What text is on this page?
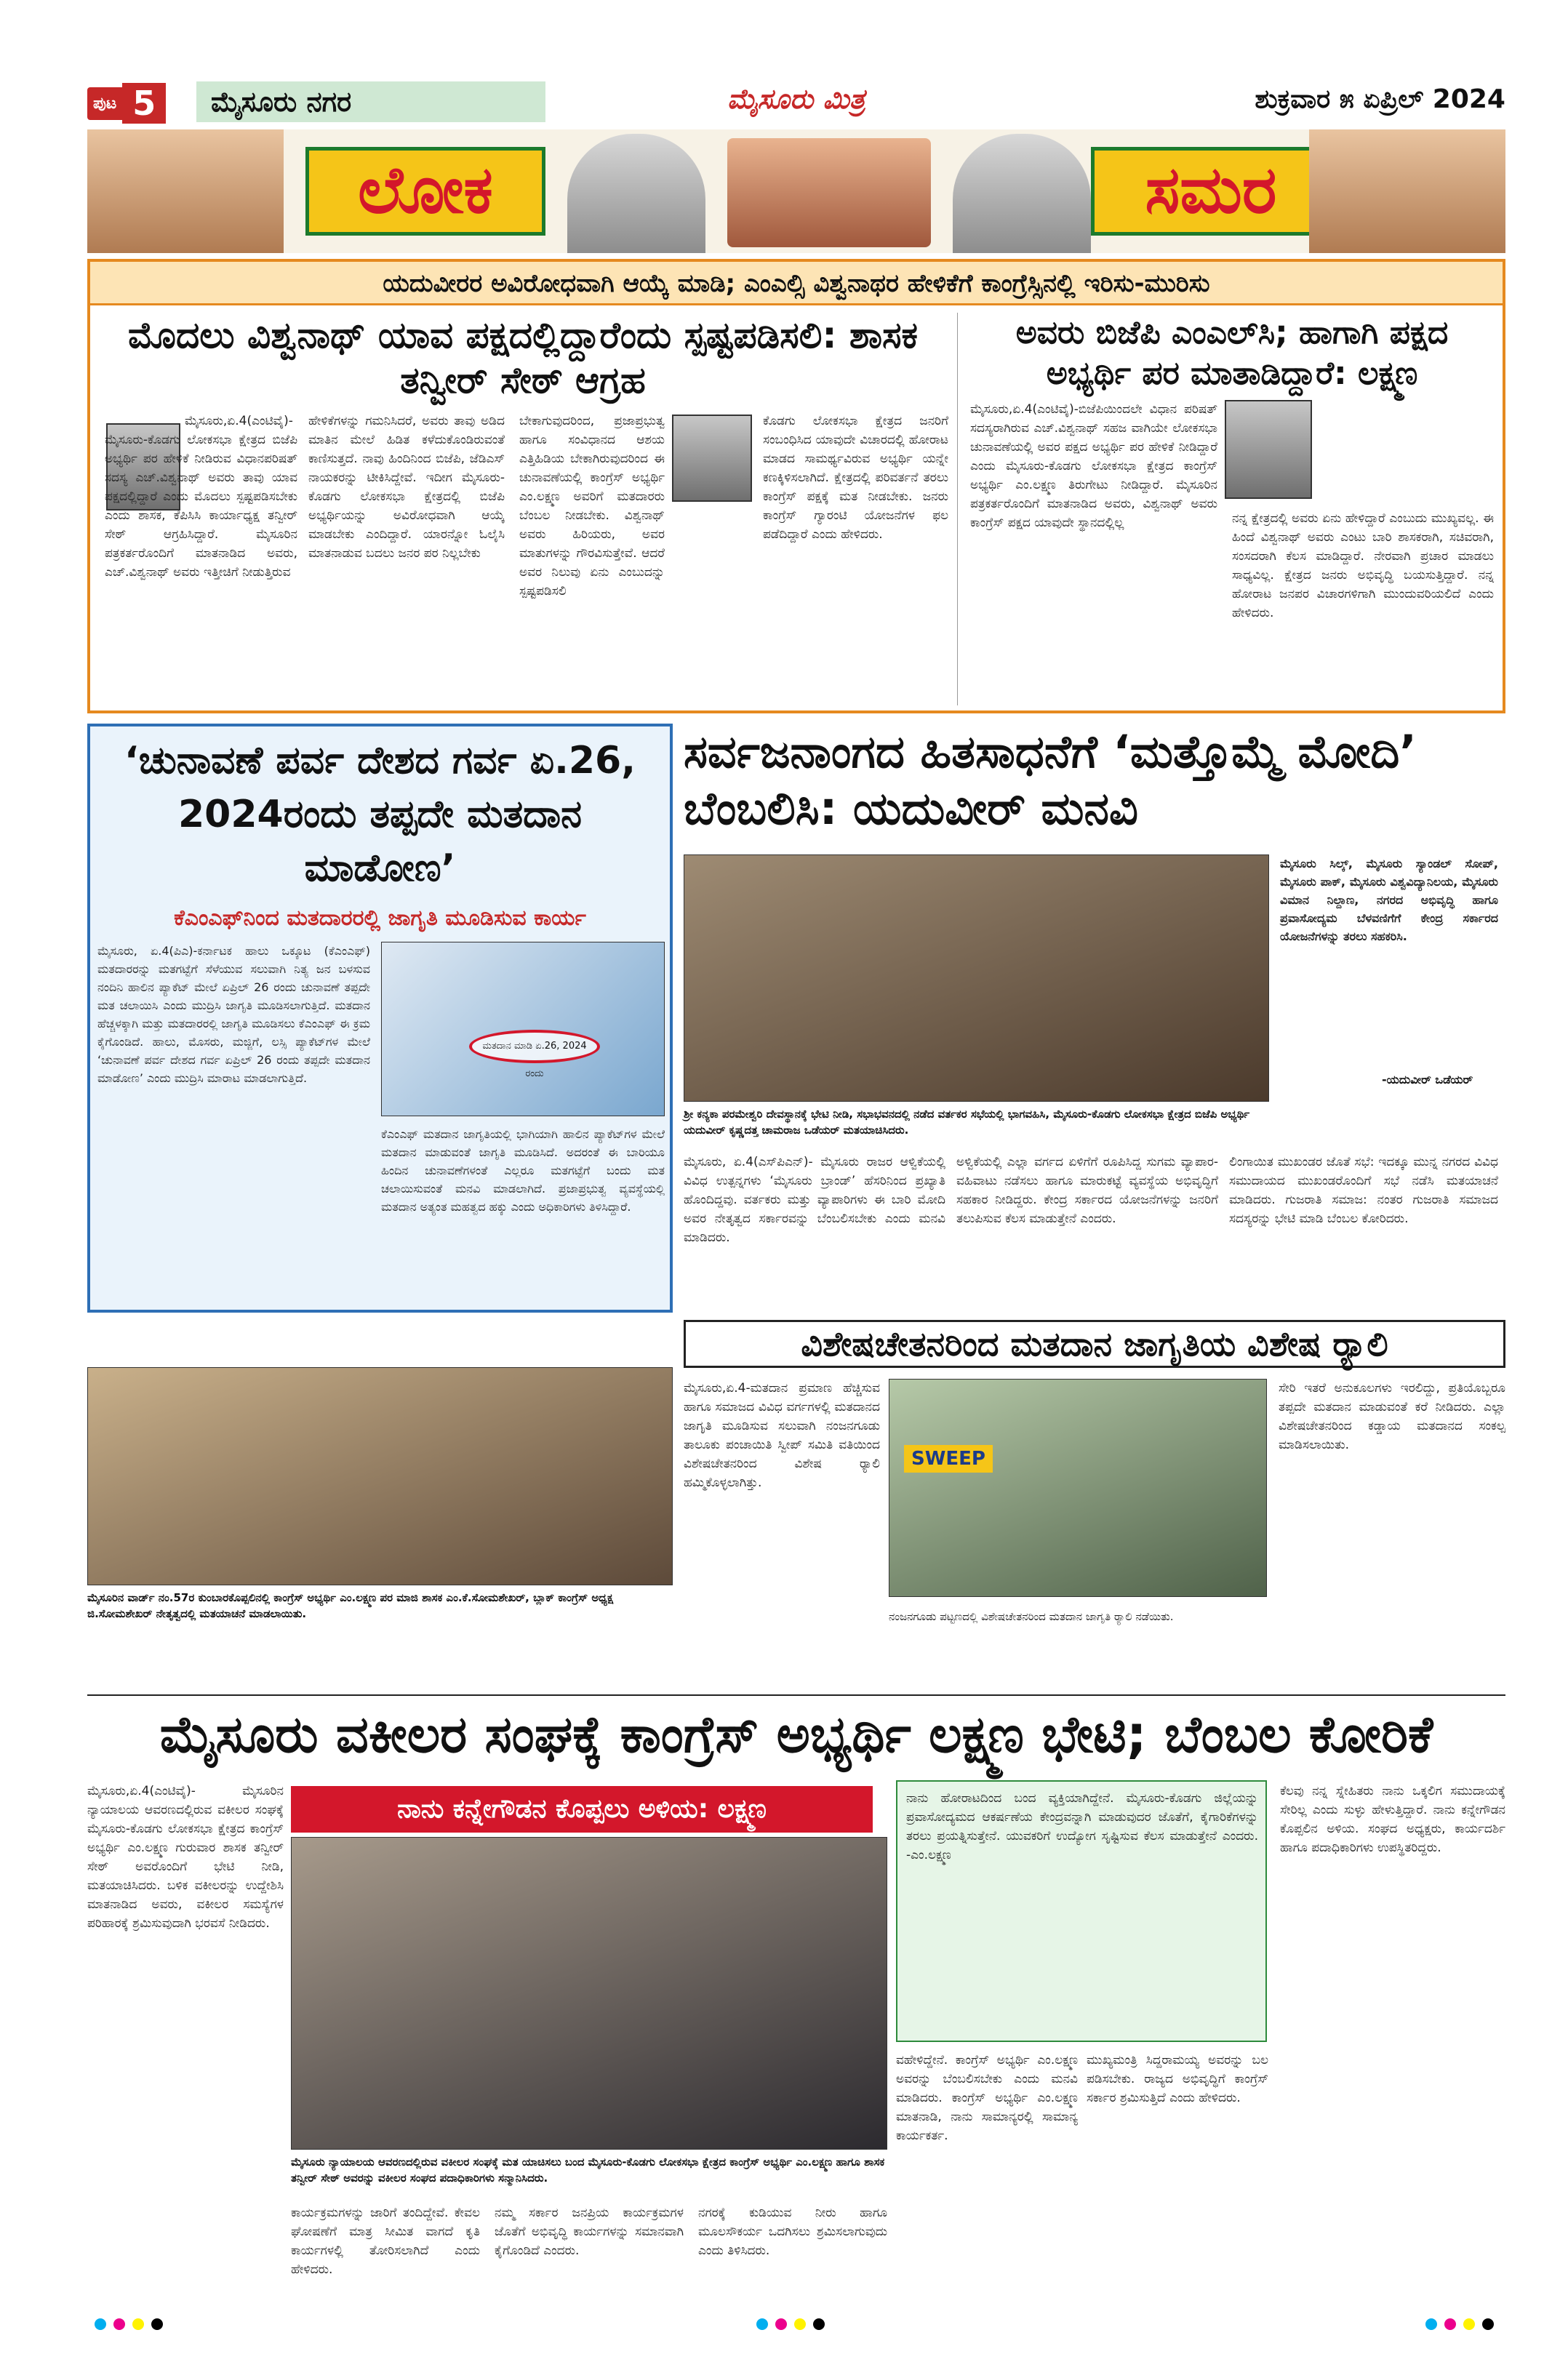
ಪುಟ 5	ಮೈಸೂರು ನಗರ	ಮೈಸೂರು ಮಿತ್ರ	ಶುಕ್ರವಾರ ೫ ಏಪ್ರಿಲ್ 2024
ಲೋಕ	ಸಮರ
ಯದುವೀರರ ಅವಿರೋಧವಾಗಿ ಆಯ್ಕೆ ಮಾಡಿ; ಎಂಎಲ್ಸಿ ವಿಶ್ವನಾಥರ ಹೇಳಿಕೆಗೆ ಕಾಂಗ್ರೆಸ್ಸಿನಲ್ಲಿ ಇರಿಸು-ಮುರಿಸು
ಮೊದಲು ವಿಶ್ವನಾಥ್ ಯಾವ ಪಕ್ಷದಲ್ಲಿದ್ದಾರೆಂದು ಸ್ಪಷ್ಟಪಡಿಸಲಿ: ಶಾಸಕ ತನ್ವೀರ್ ಸೇಠ್ ಆಗ್ರಹ
ಅವರು ಬಿಜೆಪಿ ಎಂಎಲ್‌ಸಿ; ಹಾಗಾಗಿ ಪಕ್ಷದ ಅಭ್ಯರ್ಥಿ ಪರ ಮಾತಾಡಿದ್ದಾರೆ: ಲಕ್ಷ್ಮಣ
ಮೈಸೂರು,ಏ.4(ಎಂಟಿವೈ)- ಮೈಸೂರು-ಕೊಡಗು ಲೋಕಸಭಾ ಕ್ಷೇತ್ರದ ಬಿಜೆಪಿ ಅಭ್ಯರ್ಥಿ ಪರ ಹೇಳಿಕೆ ನೀಡಿರುವ ವಿಧಾನಪರಿಷತ್ ಸದಸ್ಯ ಎಚ್.ವಿಶ್ವನಾಥ್ ಅವರು ತಾವು ಯಾವ ಪಕ್ಷದಲ್ಲಿದ್ದಾರೆ ಎಂದು ಮೊದಲು ಸ್ಪಷ್ಟಪಡಿಸಬೇಕು ಎಂದು ಶಾಸಕ, ಕೆಪಿಸಿಸಿ ಕಾರ್ಯಾಧ್ಯಕ್ಷ ತನ್ವೀರ್ ಸೇಠ್ ಆಗ್ರಹಿಸಿದ್ದಾರೆ. ಮೈಸೂರಿನ ಪತ್ರಕರ್ತರೊಂದಿಗೆ ಮಾತನಾಡಿದ ಅವರು, ಎಚ್.ವಿಶ್ವನಾಥ್ ಅವರು ಇತ್ತೀಚಿಗೆ ನೀಡುತ್ತಿರುವ
ಹೇಳಿಕೆಗಳನ್ನು ಗಮನಿಸಿದರೆ, ಅವರು ತಾವು ಅಡಿದ ಮಾತಿನ ಮೇಲೆ ಹಿಡಿತ ಕಳೆದುಕೊಂಡಿರುವಂತೆ ಕಾಣಿಸುತ್ತದೆ. ನಾವು ಹಿಂದಿನಿಂದ ಬಿಜೆಪಿ, ಜೆಡಿಎಸ್ ನಾಯಕರನ್ನು ಟೀಕಿಸಿದ್ದೇವೆ. ಇದೀಗ ಮೈಸೂರು-ಕೊಡಗು ಲೋಕಸಭಾ ಕ್ಷೇತ್ರದಲ್ಲಿ ಬಿಜೆಪಿ ಅಭ್ಯರ್ಥಿಯನ್ನು ಅವಿರೋಧವಾಗಿ ಆಯ್ಕೆ ಮಾಡಬೇಕು ಎಂದಿದ್ದಾರೆ. ಯಾರನ್ನೋ ಓಲೈಸಿ ಮಾತನಾಡುವ ಬದಲು ಜನರ ಪರ ನಿಲ್ಲಬೇಕು
ಬೇಕಾಗುವುದರಿಂದ, ಪ್ರಜಾಪ್ರಭುತ್ವ ಹಾಗೂ ಸಂವಿಧಾನದ ಆಶಯ ಎತ್ತಿಹಿಡಿಯ ಬೇಕಾಗಿರುವುದರಿಂದ ಈ ಚುನಾವಣೆಯಲ್ಲಿ ಕಾಂಗ್ರೆಸ್ ಅಭ್ಯರ್ಥಿ ಎಂ.ಲಕ್ಷ್ಮಣ ಅವರಿಗೆ ಮತದಾರರು ಬೆಂಬಲ ನೀಡಬೇಕು. ವಿಶ್ವನಾಥ್ ಅವರು ಹಿರಿಯರು, ಅವರ ಮಾತುಗಳನ್ನು ಗೌರವಿಸುತ್ತೇವೆ. ಆದರೆ ಅವರ ನಿಲುವು ಏನು ಎಂಬುದನ್ನು ಸ್ಪಷ್ಟಪಡಿಸಲಿ
ಕೊಡಗು ಲೋಕಸಭಾ ಕ್ಷೇತ್ರದ ಜನರಿಗೆ ಸಂಬಂಧಿಸಿದ ಯಾವುದೇ ವಿಚಾರದಲ್ಲಿ ಹೋರಾಟ ಮಾಡದ ಸಾಮರ್ಥ್ಯವಿರುವ ಅಭ್ಯರ್ಥಿ ಯನ್ನೇ ಕಣಕ್ಕಿಳಿಸಲಾಗಿದೆ. ಕ್ಷೇತ್ರದಲ್ಲಿ ಪರಿವರ್ತನೆ ತರಲು ಕಾಂಗ್ರೆಸ್ ಪಕ್ಷಕ್ಕೆ ಮತ ನೀಡಬೇಕು. ಜನರು ಕಾಂಗ್ರೆಸ್ ಗ್ಯಾರಂಟಿ ಯೋಜನೆಗಳ ಫಲ ಪಡೆದಿದ್ದಾರೆ ಎಂದು ಹೇಳಿದರು.
ಮೈಸೂರು,ಏ.4(ಎಂಟಿವೈ)-ಬಿಜೆಪಿಯಿಂದಲೇ ವಿಧಾನ ಪರಿಷತ್ ಸದಸ್ಯರಾಗಿರುವ ಎಚ್.ವಿಶ್ವನಾಥ್ ಸಹಜ ವಾಗಿಯೇ ಲೋಕಸಭಾ ಚುನಾವಣೆಯಲ್ಲಿ ಅವರ ಪಕ್ಷದ ಅಭ್ಯರ್ಥಿ ಪರ ಹೇಳಿಕೆ ನೀಡಿದ್ದಾರೆ ಎಂದು ಮೈಸೂರು-ಕೊಡಗು ಲೋಕಸಭಾ ಕ್ಷೇತ್ರದ ಕಾಂಗ್ರೆಸ್ ಅಭ್ಯರ್ಥಿ ಎಂ.ಲಕ್ಷ್ಮಣ ತಿರುಗೇಟು ನೀಡಿದ್ದಾರೆ. ಮೈಸೂರಿನ ಪತ್ರಕರ್ತರೊಂದಿಗೆ ಮಾತನಾಡಿದ ಅವರು, ವಿಶ್ವನಾಥ್ ಅವರು ಕಾಂಗ್ರೆಸ್ ಪಕ್ಷದ ಯಾವುದೇ ಸ್ಥಾನದಲ್ಲಿಲ್ಲ	ನನ್ನ ಕ್ಷೇತ್ರದಲ್ಲಿ ಅವರು ಏನು ಹೇಳಿದ್ದಾರೆ ಎಂಬುದು ಮುಖ್ಯವಲ್ಲ. ಈ ಹಿಂದೆ ವಿಶ್ವನಾಥ್ ಅವರು ಎಂಟು ಬಾರಿ ಶಾಸಕರಾಗಿ, ಸಚಿವರಾಗಿ, ಸಂಸದರಾಗಿ ಕೆಲಸ ಮಾಡಿದ್ದಾರೆ. ನೇರವಾಗಿ ಪ್ರಚಾರ ಮಾಡಲು ಸಾಧ್ಯವಿಲ್ಲ. ಕ್ಷೇತ್ರದ ಜನರು ಅಭಿವೃದ್ಧಿ ಬಯಸುತ್ತಿದ್ದಾರೆ. ನನ್ನ ಹೋರಾಟ ಜನಪರ ವಿಚಾರಗಳಿಗಾಗಿ ಮುಂದುವರಿಯಲಿದೆ ಎಂದು ಹೇಳಿದರು.
‘ಚುನಾವಣೆ ಪರ್ವ ದೇಶದ ಗರ್ವ ಏ.26, 2024ರಂದು ತಪ್ಪದೇ ಮತದಾನ ಮಾಡೋಣ’
ಕೆಎಂಎಫ್‌ನಿಂದ ಮತದಾರರಲ್ಲಿ ಜಾಗೃತಿ ಮೂಡಿಸುವ ಕಾರ್ಯ
ಮೈಸೂರು, ಏ.4(ಪಿಎ)-ಕರ್ನಾಟಕ ಹಾಲು ಒಕ್ಕೂಟ (ಕೆಎಂಎಫ್) ಮತದಾರರನ್ನು ಮತಗಟ್ಟೆಗೆ ಸೆಳೆಯುವ ಸಲುವಾಗಿ ನಿತ್ಯ ಜನ ಬಳಸುವ ನಂದಿನಿ ಹಾಲಿನ ಪ್ಯಾಕೆಟ್ ಮೇಲೆ ಏಪ್ರಿಲ್ 26 ರಂದು ಚುನಾವಣೆ ತಪ್ಪದೇ ಮತ ಚಲಾಯಿಸಿ ಎಂದು ಮುದ್ರಿಸಿ ಜಾಗೃತಿ ಮೂಡಿಸಲಾಗುತ್ತಿದೆ. ಮತದಾನ ಹೆಚ್ಚಳಕ್ಕಾಗಿ ಮತ್ತು ಮತದಾರರಲ್ಲಿ ಜಾಗೃತಿ ಮೂಡಿಸಲು ಕೆಎಂಎಫ್ ಈ ಕ್ರಮ ಕೈಗೊಂಡಿದೆ. ಹಾಲು, ಮೊಸರು, ಮಜ್ಜಿಗೆ, ಲಸ್ಸಿ ಪ್ಯಾಕೆಟ್‌ಗಳ ಮೇಲೆ ‘ಚುನಾವಣೆ ಪರ್ವ ದೇಶದ ಗರ್ವ ಏಪ್ರಿಲ್ 26 ರಂದು ತಪ್ಪದೇ ಮತದಾನ ಮಾಡೋಣ’ ಎಂದು ಮುದ್ರಿಸಿ ಮಾರಾಟ ಮಾಡಲಾಗುತ್ತಿದೆ.
ಮತದಾನ ಮಾಡಿ ಏ.26, 2024 ರಂದು
ಕೆಎಂಎಫ್ ಮತದಾನ ಜಾಗೃತಿಯಲ್ಲಿ ಭಾಗಿಯಾಗಿ ಹಾಲಿನ ಪ್ಯಾಕೆಟ್‌ಗಳ ಮೇಲೆ ಮತದಾನ ಮಾಡುವಂತೆ ಜಾಗೃತಿ ಮೂಡಿಸಿದೆ. ಅದರಂತೆ ಈ ಬಾರಿಯೂ ಹಿಂದಿನ ಚುನಾವಣೆಗಳಂತೆ ಎಲ್ಲರೂ ಮತಗಟ್ಟೆಗೆ ಬಂದು ಮತ ಚಲಾಯಿಸುವಂತೆ ಮನವಿ ಮಾಡಲಾಗಿದೆ. ಪ್ರಜಾಪ್ರಭುತ್ವ ವ್ಯವಸ್ಥೆಯಲ್ಲಿ ಮತದಾನ ಅತ್ಯಂತ ಮಹತ್ವದ ಹಕ್ಕು ಎಂದು ಅಧಿಕಾರಿಗಳು ತಿಳಿಸಿದ್ದಾರೆ.
ಮೈಸೂರಿನ ವಾರ್ಡ್ ನಂ.57ರ ಕುಂಬಾರಕೊಪ್ಪಲಿನಲ್ಲಿ ಕಾಂಗ್ರೆಸ್ ಅಭ್ಯರ್ಥಿ ಎಂ.ಲಕ್ಷ್ಮಣ ಪರ ಮಾಜಿ ಶಾಸಕ ಎಂ.ಕೆ.ಸೋಮಶೇಖರ್, ಬ್ಲಾಕ್ ಕಾಂಗ್ರೆಸ್ ಅಧ್ಯಕ್ಷ ಜಿ.ಸೋಮಶೇಖರ್ ನೇತೃತ್ವದಲ್ಲಿ ಮತಯಾಚನೆ ಮಾಡಲಾಯಿತು.
ಸರ್ವಜನಾಂಗದ ಹಿತಸಾಧನೆಗೆ ‘ಮತ್ತೊಮ್ಮೆ ಮೋದಿ’ ಬೆಂಬಲಿಸಿ: ಯದುವೀರ್ ಮನವಿ
ಶ್ರೀ ಕನ್ಯಕಾ ಪರಮೇಶ್ವರಿ ದೇವಸ್ಥಾನಕ್ಕೆ ಭೇಟಿ ನೀಡಿ, ಸಭಾಭವನದಲ್ಲಿ ನಡೆದ ವರ್ತಕರ ಸಭೆಯಲ್ಲಿ ಭಾಗವಹಿಸಿ, ಮೈಸೂರು-ಕೊಡಗು ಲೋಕಸಭಾ ಕ್ಷೇತ್ರದ ಬಿಜೆಪಿ ಅಭ್ಯರ್ಥಿ ಯದುವೀರ್ ಕೃಷ್ಣದತ್ತ ಚಾಮರಾಜ ಒಡೆಯರ್ ಮತಯಾಚಿಸಿದರು.
ಮೈಸೂರು ಸಿಲ್ಕ್, ಮೈಸೂರು ಸ್ಯಾಂಡಲ್ ಸೋಪ್, ಮೈಸೂರು ಪಾಕ್, ಮೈಸೂರು ವಿಶ್ವವಿದ್ಯಾನಿಲಯ, ಮೈಸೂರು ವಿಮಾನ ನಿಲ್ದಾಣ, ನಗರದ ಅಭಿವೃದ್ಧಿ ಹಾಗೂ ಪ್ರವಾಸೋದ್ಯಮ ಬೆಳವಣಿಗೆಗೆ ಕೇಂದ್ರ ಸರ್ಕಾರದ ಯೋಜನೆಗಳನ್ನು ತರಲು ಸಹಕರಿಸಿ.
-ಯದುವೀರ್ ಒಡೆಯರ್
ಮೈಸೂರು, ಏ.4(ಎಸ್‌ಪಿಎನ್)- ಮೈಸೂರು ರಾಜರ ಆಳ್ವಿಕೆಯಲ್ಲಿ ವಿವಿಧ ಉತ್ಪನ್ನಗಳು ‘ಮೈಸೂರು ಬ್ರಾಂಡ್’ ಹೆಸರಿನಿಂದ ಪ್ರಖ್ಯಾತಿ ಹೊಂದಿದ್ದವು. ವರ್ತಕರು ಮತ್ತು ವ್ಯಾಪಾರಿಗಳು ಈ ಬಾರಿ ಮೋದಿ ಅವರ ನೇತೃತ್ವದ ಸರ್ಕಾರವನ್ನು ಬೆಂಬಲಿಸಬೇಕು ಎಂದು ಮನವಿ ಮಾಡಿದರು.
ಅಳ್ವಿಕೆಯಲ್ಲಿ ಎಲ್ಲಾ ವರ್ಗದ ಏಳಿಗೆಗೆ ರೂಪಿಸಿದ್ದ ಸುಗಮ ವ್ಯಾಪಾರ-ವಹಿವಾಟು ನಡೆಸಲು ಹಾಗೂ ಮಾರುಕಟ್ಟೆ ವ್ಯವಸ್ಥೆಯ ಅಭಿವೃದ್ಧಿಗೆ ಸಹಕಾರ ನೀಡಿದ್ದರು. ಕೇಂದ್ರ ಸರ್ಕಾರದ ಯೋಜನೆಗಳನ್ನು ಜನರಿಗೆ ತಲುಪಿಸುವ ಕೆಲಸ ಮಾಡುತ್ತೇನೆ ಎಂದರು.
ಲಿಂಗಾಯಿತ ಮುಖಂಡರ ಜೊತೆ ಸಭೆ: ಇದಕ್ಕೂ ಮುನ್ನ ನಗರದ ವಿವಿಧ ಸಮುದಾಯದ ಮುಖಂಡರೊಂದಿಗೆ ಸಭೆ ನಡೆಸಿ ಮತಯಾಚನೆ ಮಾಡಿದರು. ಗುಜರಾತಿ ಸಮಾಜ: ನಂತರ ಗುಜರಾತಿ ಸಮಾಜದ ಸದಸ್ಯರನ್ನು ಭೇಟಿ ಮಾಡಿ ಬೆಂಬಲ ಕೋರಿದರು.
ವಿಶೇಷಚೇತನರಿಂದ ಮತದಾನ ಜಾಗೃತಿಯ ವಿಶೇಷ ರ್‍ಯಾಲಿ
ಮೈಸೂರು,ಏ.4-ಮತದಾನ ಪ್ರಮಾಣ ಹೆಚ್ಚಿಸುವ ಹಾಗೂ ಸಮಾಜದ ವಿವಿಧ ವರ್ಗಗಳಲ್ಲಿ ಮತದಾನದ ಜಾಗೃತಿ ಮೂಡಿಸುವ ಸಲುವಾಗಿ ನಂಜನಗೂಡು ತಾಲೂಕು ಪಂಚಾಯಿತಿ ಸ್ವೀಪ್ ಸಮಿತಿ ವತಿಯಿಂದ ವಿಶೇಷಚೇತನರಿಂದ ವಿಶೇಷ ರ್‍ಯಾಲಿ ಹಮ್ಮಿಕೊಳ್ಳಲಾಗಿತ್ತು.
SWEEP
ನಂಜನಗೂಡು ಪಟ್ಟಣದಲ್ಲಿ ವಿಶೇಷಚೇತನರಿಂದ ಮತದಾನ ಜಾಗೃತಿ ರ್‍ಯಾಲಿ ನಡೆಯಿತು.
ಸೇರಿ ಇತರೆ ಅನುಕೂಲಗಳು ಇರಲಿದ್ದು, ಪ್ರತಿಯೊಬ್ಬರೂ ತಪ್ಪದೇ ಮತದಾನ ಮಾಡುವಂತೆ ಕರೆ ನೀಡಿದರು. ಎಲ್ಲಾ ವಿಶೇಷಚೇತನರಿಂದ ಕಡ್ಡಾಯ ಮತದಾನದ ಸಂಕಲ್ಪ ಮಾಡಿಸಲಾಯಿತು.
ಮೈಸೂರು ವಕೀಲರ ಸಂಘಕ್ಕೆ ಕಾಂಗ್ರೆಸ್ ಅಭ್ಯರ್ಥಿ ಲಕ್ಷ್ಮಣ ಭೇಟಿ; ಬೆಂಬಲ ಕೋರಿಕೆ
ಮೈಸೂರು,ಏ.4(ಎಂಟಿವೈ)- ಮೈಸೂರಿನ ನ್ಯಾಯಾಲಯ ಆವರಣದಲ್ಲಿರುವ ವಕೀಲರ ಸಂಘಕ್ಕೆ ಮೈಸೂರು-ಕೊಡಗು ಲೋಕಸಭಾ ಕ್ಷೇತ್ರದ ಕಾಂಗ್ರೆಸ್ ಅಭ್ಯರ್ಥಿ ಎಂ.ಲಕ್ಷ್ಮಣ ಗುರುವಾರ ಶಾಸಕ ತನ್ವೀರ್ ಸೇಠ್ ಅವರೊಂದಿಗೆ ಭೇಟಿ ನೀಡಿ, ಮತಯಾಚಿಸಿದರು. ಬಳಿಕ ವಕೀಲರನ್ನು ಉದ್ದೇಶಿಸಿ ಮಾತನಾಡಿದ ಅವರು, ವಕೀಲರ ಸಮಸ್ಯೆಗಳ ಪರಿಹಾರಕ್ಕೆ ಶ್ರಮಿಸುವುದಾಗಿ ಭರವಸೆ ನೀಡಿದರು.
ನಾನು ಕನ್ನೇಗೌಡನ ಕೊಪ್ಪಲು ಅಳಿಯ: ಲಕ್ಷ್ಮಣ
ಮೈಸೂರು ನ್ಯಾಯಾಲಯ ಆವರಣದಲ್ಲಿರುವ ವಕೀಲರ ಸಂಘಕ್ಕೆ ಮತ ಯಾಚಿಸಲು ಬಂದ ಮೈಸೂರು-ಕೊಡಗು ಲೋಕಸಭಾ ಕ್ಷೇತ್ರದ ಕಾಂಗ್ರೆಸ್ ಅಭ್ಯರ್ಥಿ ಎಂ.ಲಕ್ಷ್ಮಣ ಹಾಗೂ ಶಾಸಕ ತನ್ವೀರ್ ಸೇಠ್ ಅವರನ್ನು ವಕೀಲರ ಸಂಘದ ಪದಾಧಿಕಾರಿಗಳು ಸನ್ಮಾನಿಸಿದರು.
ಕಾರ್ಯಕ್ರಮಗಳನ್ನು ಜಾರಿಗೆ ತಂದಿದ್ದೇವೆ. ಕೇವಲ ಘೋಷಣೆಗೆ ಮಾತ್ರ ಸೀಮಿತ ವಾಗದೆ ಕೃತಿ ಕಾರ್ಯಗಳಲ್ಲಿ ತೋರಿಸಲಾಗಿದೆ ಎಂದು ಹೇಳಿದರು.
ನಮ್ಮ ಸರ್ಕಾರ ಜನಪ್ರಿಯ ಕಾರ್ಯಕ್ರಮಗಳ ಜೊತೆಗೆ ಅಭಿವೃದ್ಧಿ ಕಾರ್ಯಗಳನ್ನು ಸಮಾನವಾಗಿ ಕೈಗೊಂಡಿದೆ ಎಂದರು.
ನಗರಕ್ಕೆ ಕುಡಿಯುವ ನೀರು ಹಾಗೂ ಮೂಲಸೌಕರ್ಯ ಒದಗಿಸಲು ಶ್ರಮಿಸಲಾಗುವುದು ಎಂದು ತಿಳಿಸಿದರು.
ನಾನು ಹೋರಾಟದಿಂದ ಬಂದ ವ್ಯಕ್ತಿಯಾಗಿದ್ದೇನೆ. ಮೈಸೂರು-ಕೊಡಗು ಜಿಲ್ಲೆಯನ್ನು ಪ್ರವಾಸೋದ್ಯಮದ ಆಕರ್ಷಣೆಯ ಕೇಂದ್ರವನ್ನಾಗಿ ಮಾಡುವುದರ ಜೊತೆಗೆ, ಕೈಗಾರಿಕೆಗಳನ್ನು ತರಲು ಪ್ರಯತ್ನಿಸುತ್ತೇನೆ. ಯುವಕರಿಗೆ ಉದ್ಯೋಗ ಸೃಷ್ಟಿಸುವ ಕೆಲಸ ಮಾಡುತ್ತೇನೆ ಎಂದರು. -ಎಂ.ಲಕ್ಷ್ಮಣ
ವಹೇಳಿದ್ದೇನೆ. ಕಾಂಗ್ರೆಸ್ ಅಭ್ಯರ್ಥಿ ಎಂ.ಲಕ್ಷ್ಮಣ ಅವರನ್ನು ಬೆಂಬಲಿಸಬೇಕು ಎಂದು ಮನವಿ ಮಾಡಿದರು. ಕಾಂಗ್ರೆಸ್ ಅಭ್ಯರ್ಥಿ ಎಂ.ಲಕ್ಷ್ಮಣ ಮಾತನಾಡಿ, ನಾನು ಸಾಮಾನ್ಯರಲ್ಲಿ ಸಾಮಾನ್ಯ ಕಾರ್ಯಕರ್ತ.
ಮುಖ್ಯಮಂತ್ರಿ ಸಿದ್ದರಾಮಯ್ಯ ಅವರನ್ನು ಬಲ ಪಡಿಸಬೇಕು. ರಾಜ್ಯದ ಅಭಿವೃದ್ಧಿಗೆ ಕಾಂಗ್ರೆಸ್ ಸರ್ಕಾರ ಶ್ರಮಿಸುತ್ತಿದೆ ಎಂದು ಹೇಳಿದರು.
ಕೆಲವು ನನ್ನ ಸ್ನೇಹಿತರು ನಾನು ಒಕ್ಕಲಿಗ ಸಮುದಾಯಕ್ಕೆ ಸೇರಿಲ್ಲ ಎಂದು ಸುಳ್ಳು ಹೇಳುತ್ತಿದ್ದಾರೆ. ನಾನು ಕನ್ನೇಗೌಡನ ಕೊಪ್ಪಲಿನ ಅಳಿಯ. ಸಂಘದ ಅಧ್ಯಕ್ಷರು, ಕಾರ್ಯದರ್ಶಿ ಹಾಗೂ ಪದಾಧಿಕಾರಿಗಳು ಉಪಸ್ಥಿತರಿದ್ದರು.
